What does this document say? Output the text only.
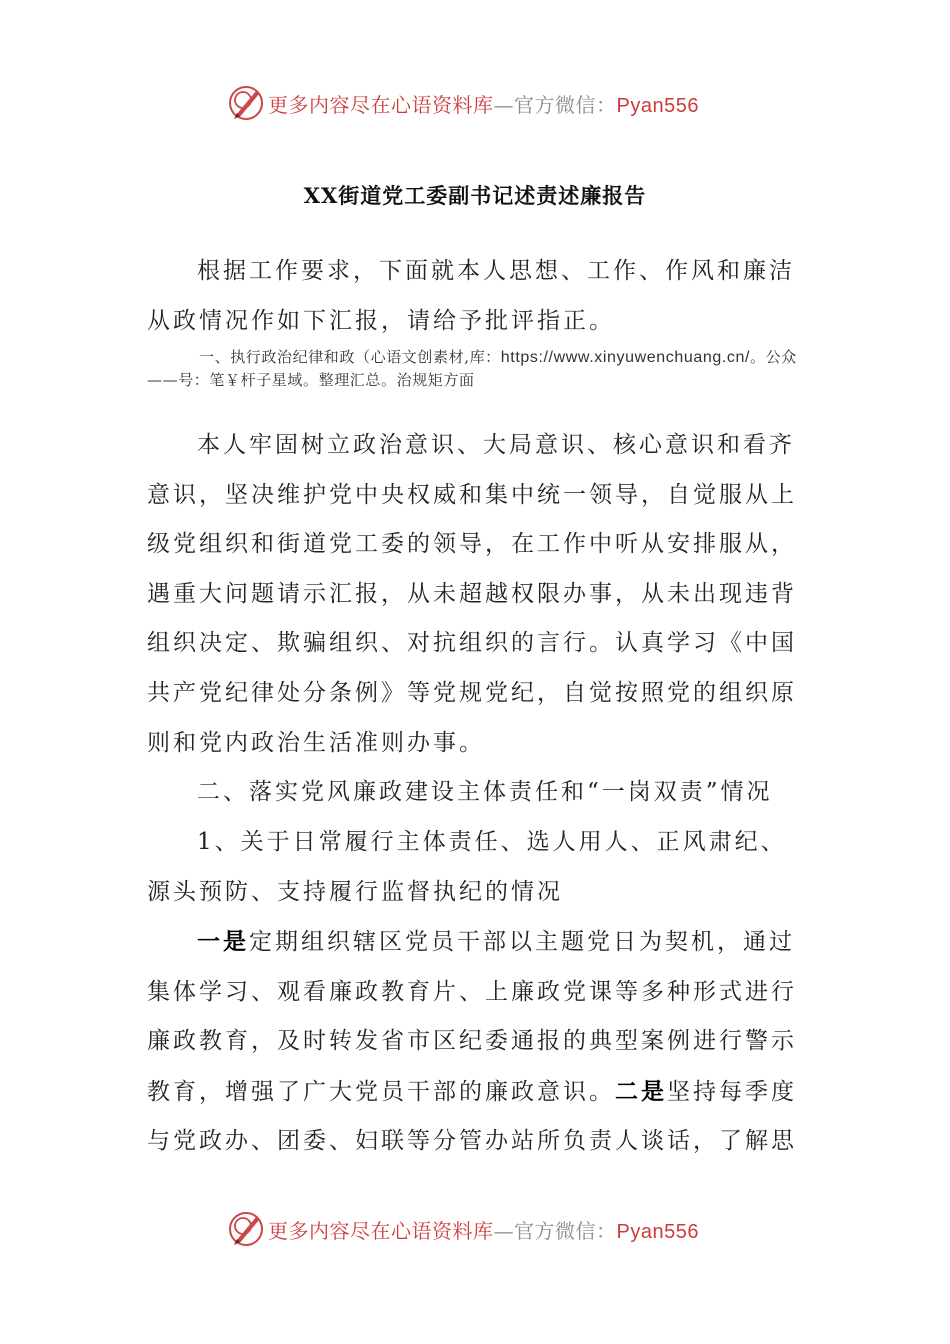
更多内容尽在心语资料库—官方微信：Pyan556
XX街道党工委副书记述责述廉报告

根据工作要求，下面就本人思想、工作、作风和廉洁从政情况作如下汇报，请给予批评指正。

一、执行政治纪律和政（心语文创素材,库：https://www.xinyuwenchuang.cn/。公众——号：笔￥杆子星域。整理汇总。治规矩方面

本人牢固树立政治意识、大局意识、核心意识和看齐意识，坚决维护党中央权威和集中统一领导，自觉服从上级党组织和街道党工委的领导，在工作中听从安排服从，遇重大问题请示汇报，从未超越权限办事，从未出现违背组织决定、欺骗组织、对抗组织的言行。认真学习《中国共产党纪律处分条例》等党规党纪，自觉按照党的组织原则和党内政治生活准则办事。

二、落实党风廉政建设主体责任和“一岗双责”情况

1、关于日常履行主体责任、选人用人、正风肃纪、源头预防、支持履行监督执纪的情况

一是定期组织辖区党员干部以主题党日为契机，通过集体学习、观看廉政教育片、上廉政党课等多种形式进行廉政教育，及时转发省市区纪委通报的典型案例进行警示教育，增强了广大党员干部的廉政意识。二是坚持每季度与党政办、团委、妇联等分管办站所负责人谈话，了解思

更多内容尽在心语资料库—官方微信：Pyan556
